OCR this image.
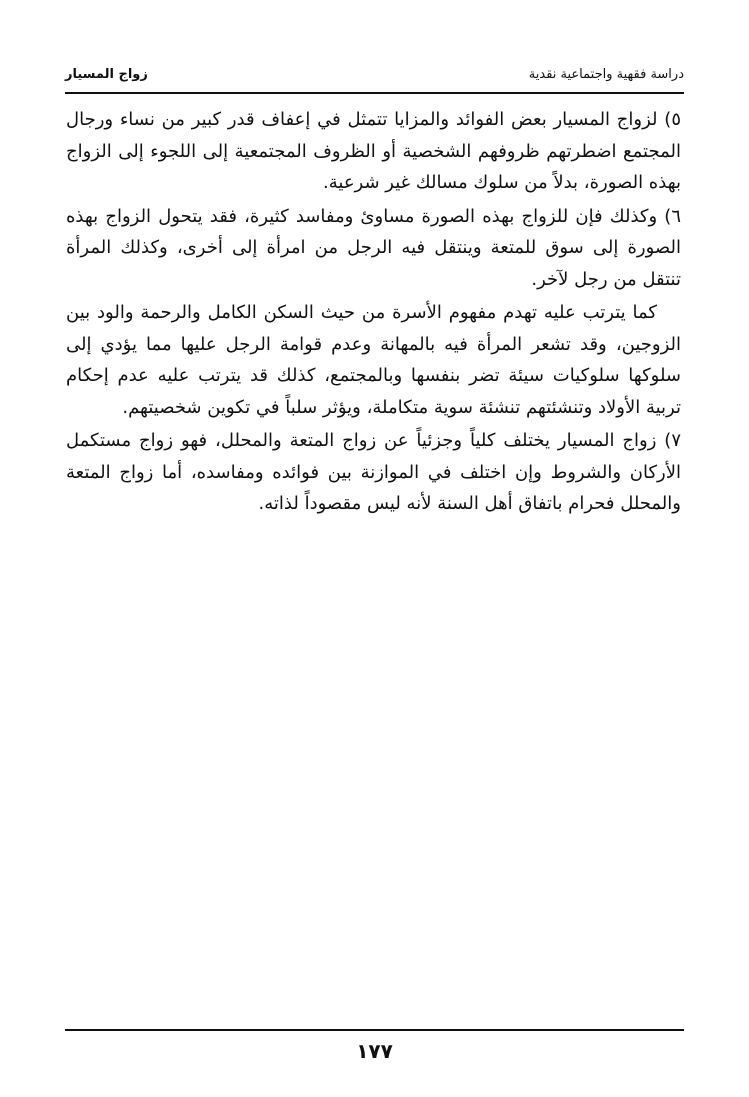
دراسة فقهية واجتماعية نقدية
زواج المسيار

٥) لزواج المسيار بعض الفوائد والمزايا تتمثل في إعفاف قدر كبير من نساء ورجال المجتمع اضطرتهم ظروفهم الشخصية أو الظروف المجتمعية إلى اللجوء إلى الزواج بهذه الصورة، بدلاً من سلوك مسالك غير شرعية.

٦) وكذلك فإن للزواج بهذه الصورة مساوئ ومفاسد كثيرة، فقد يتحول الزواج بهذه الصورة إلى سوق للمتعة وينتقل فيه الرجل من امرأة إلى أخرى، وكذلك المرأة تنتقل من رجل لآخر.

كما يترتب عليه تهدم مفهوم الأسرة من حيث السكن الكامل والرحمة والود بين الزوجين، وقد تشعر المرأة فيه بالمهانة وعدم قوامة الرجل عليها مما يؤدي إلى سلوكها سلوكيات سيئة تضر بنفسها وبالمجتمع، كذلك قد يترتب عليه عدم إحكام تربية الأولاد وتنشئتهم تنشئة سوية متكاملة، ويؤثر سلباً في تكوين شخصيتهم.

٧) زواج المسيار يختلف كلياً وجزئياً عن زواج المتعة والمحلل، فهو زواج مستكمل الأركان والشروط وإن اختلف في الموازنة بين فوائده ومفاسده، أما زواج المتعة والمحلل فحرام باتفاق أهل السنة لأنه ليس مقصوداً لذاته.

١٧٧
